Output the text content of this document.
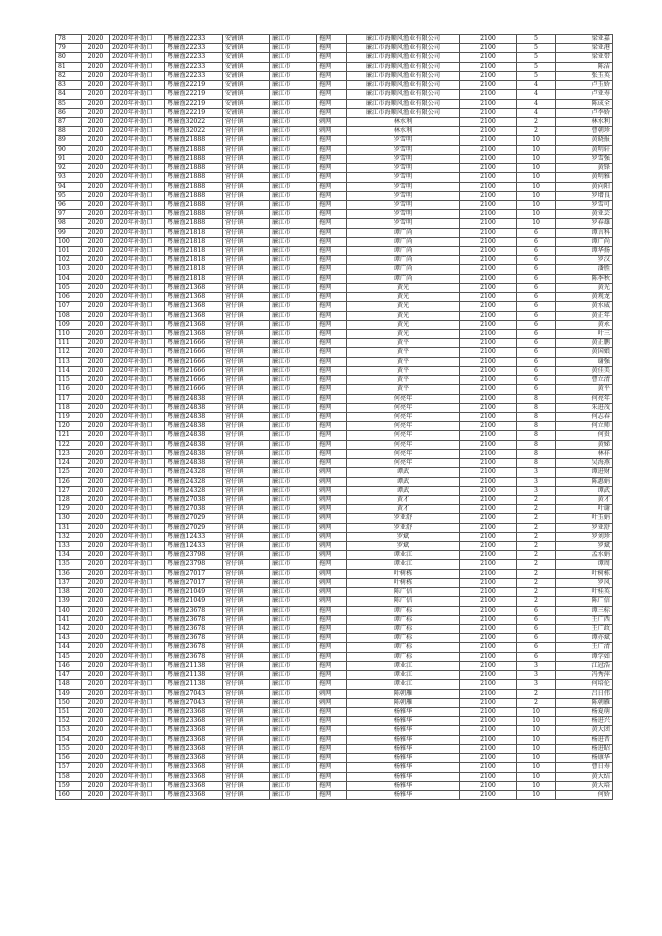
78	2020	2020年补助口	粤廉渔22233	安铺镇	廉江市	拖网	廉江市海顺风渔业有限公司	2100	5	梁亚嘉
79	2020	2020年补助口	粤廉渔22233	安铺镇	廉江市	拖网	廉江市海顺风渔业有限公司	2100	5	梁亚港
80	2020	2020年补助口	粤廉渔22233	安铺镇	廉江市	拖网	廉江市海顺风渔业有限公司	2100	5	梁亚带
81	2020	2020年补助口	粤廉渔22233	安铺镇	廉江市	拖网	廉江市海顺风渔业有限公司	2100	5	陈洁
82	2020	2020年补助口	粤廉渔22233	安铺镇	廉江市	拖网	廉江市海顺风渔业有限公司	2100	5	张玉英
83	2020	2020年补助口	粤廉渔22219	安铺镇	廉江市	拖网	廉江市海顺风渔业有限公司	2100	4	卢玉娇
84	2020	2020年补助口	粤廉渔22219	安铺镇	廉江市	拖网	廉江市海顺风渔业有限公司	2100	4	卢亚寿
85	2020	2020年补助口	粤廉渔22219	安铺镇	廉江市	拖网	廉江市海顺风渔业有限公司	2100	4	陈成全
86	2020	2020年补助口	粤廉渔22219	安铺镇	廉江市	拖网	廉江市海顺风渔业有限公司	2100	4	卢李娇
87	2020	2020年补助口	粤廉渔32022	营仔镇	廉江市	刺网	林水利	2100	2	林水利
88	2020	2020年补助口	粤廉渔32022	营仔镇	廉江市	刺网	林水利	2100	2	曹朝珍
89	2020	2020年补助口	粤廉渔21888	营仔镇	廉江市	拖网	罗雪明	2100	10	黄晓报
90	2020	2020年补助口	粤廉渔21888	营仔镇	廉江市	拖网	罗雪明	2100	10	黄明轩
91	2020	2020年补助口	粤廉渔21888	营仔镇	廉江市	拖网	罗雪明	2100	10	罗雪强
92	2020	2020年补助口	粤廉渔21888	营仔镇	廉江市	拖网	罗雪明	2100	10	黄锋
93	2020	2020年补助口	粤廉渔21888	营仔镇	廉江市	拖网	罗雪明	2100	10	黄明雅
94	2020	2020年补助口	粤廉渔21888	营仔镇	廉江市	拖网	罗雪明	2100	10	黄向阳
95	2020	2020年补助口	粤廉渔21888	营仔镇	廉江市	拖网	罗雪明	2100	10	罗增良
96	2020	2020年补助口	粤廉渔21888	营仔镇	廉江市	拖网	罗雪明	2100	10	罗雪可
97	2020	2020年补助口	粤廉渔21888	营仔镇	廉江市	拖网	罗雪明	2100	10	黄亚芸
98	2020	2020年补助口	粤廉渔21888	营仔镇	廉江市	拖网	罗雪明	2100	10	罗春雄
99	2020	2020年补助口	粤廉渔21818	营仔镇	廉江市	拖网	谭广尚	2100	6	谭言科
100	2020	2020年补助口	粤廉渔21818	营仔镇	廉江市	拖网	谭广尚	2100	6	谭广尚
101	2020	2020年补助口	粤廉渔21818	营仔镇	廉江市	拖网	谭广尚	2100	6	谭华扬
102	2020	2020年补助口	粤廉渔21818	营仔镇	廉江市	拖网	谭广尚	2100	6	罗汉
103	2020	2020年补助口	粤廉渔21818	营仔镇	廉江市	拖网	谭广尚	2100	6	潘胜
104	2020	2020年补助口	粤廉渔21818	营仔镇	廉江市	拖网	谭广尚	2100	6	陈季秋
105	2020	2020年补助口	粤廉渔21368	营仔镇	廉江市	拖网	黄光	2100	6	黄光
106	2020	2020年补助口	粤廉渔21368	营仔镇	廉江市	拖网	黄光	2100	6	黄观龙
107	2020	2020年补助口	粤廉渔21368	营仔镇	廉江市	拖网	黄光	2100	6	黄水威
108	2020	2020年补助口	粤廉渔21368	营仔镇	廉江市	拖网	黄光	2100	6	黄正年
109	2020	2020年补助口	粤廉渔21368	营仔镇	廉江市	拖网	黄光	2100	6	黄永
110	2020	2020年补助口	粤廉渔21368	营仔镇	廉江市	拖网	黄光	2100	6	叶三
111	2020	2020年补助口	粤廉渔21666	营仔镇	廉江市	拖网	黄平	2100	6	黄正鹏
112	2020	2020年补助口	粤廉渔21666	营仔镇	廉江市	拖网	黄平	2100	6	黄国娘
113	2020	2020年补助口	粤廉渔21666	营仔镇	廉江市	拖网	黄平	2100	6	谢强
114	2020	2020年补助口	粤廉渔21666	营仔镇	廉江市	拖网	黄平	2100	6	黄佳美
115	2020	2020年补助口	粤廉渔21666	营仔镇	廉江市	拖网	黄平	2100	6	曹立清
116	2020	2020年补助口	粤廉渔21666	营仔镇	廉江市	拖网	黄平	2100	6	黄平
117	2020	2020年补助口	粤廉渔24838	营仔镇	廉江市	拖网	何亮年	2100	8	何亮年
118	2020	2020年补助口	粤廉渔24838	营仔镇	廉江市	拖网	何亮年	2100	8	朱进茂
119	2020	2020年补助口	粤廉渔24838	营仔镇	廉江市	拖网	何亮年	2100	8	何志春
120	2020	2020年补助口	粤廉渔24838	营仔镇	廉江市	拖网	何亮年	2100	8	何立师
121	2020	2020年补助口	粤廉渔24838	营仔镇	廉江市	拖网	何亮年	2100	8	何贵
122	2020	2020年补助口	粤廉渔24838	营仔镇	廉江市	拖网	何亮年	2100	8	黄娣
123	2020	2020年补助口	粤廉渔24838	营仔镇	廉江市	拖网	何亮年	2100	8	林祥
124	2020	2020年补助口	粤廉渔24838	营仔镇	廉江市	拖网	何亮年	2100	8	吴海燕
125	2020	2020年补助口	粤廉渔24328	营仔镇	廉江市	刺网	谭武	2100	3	谭进财
126	2020	2020年补助口	粤廉渔24328	营仔镇	廉江市	刺网	谭武	2100	3	陈惠娟
127	2020	2020年补助口	粤廉渔24328	营仔镇	廉江市	刺网	谭武	2100	3	谭武
128	2020	2020年补助口	粤廉渔27038	营仔镇	廉江市	刺网	黄才	2100	2	黄才
129	2020	2020年补助口	粤廉渔27038	营仔镇	廉江市	刺网	黄才	2100	2	叶谢
130	2020	2020年补助口	粤廉渔27029	营仔镇	廉江市	刺网	罗亚舒	2100	2	叶玉娟
131	2020	2020年补助口	粤廉渔27029	营仔镇	廉江市	刺网	罗亚舒	2100	2	罗亚舒
132	2020	2020年补助口	粤廉渔12433	营仔镇	廉江市	刺网	罗斌	2100	2	罗刘珍
133	2020	2020年补助口	粤廉渔12433	营仔镇	廉江市	刺网	罗斌	2100	2	罗斌
134	2020	2020年补助口	粤廉渔23798	营仔镇	廉江市	刺网	谭业江	2100	2	孟水娟
135	2020	2020年补助口	粤廉渔23798	营仔镇	廉江市	拖网	谭业江	2100	2	谭周
136	2020	2020年补助口	粤廉渔27017	营仔镇	廉江市	刺网	叶树栋	2100	2	叶树栋
137	2020	2020年补助口	粤廉渔27017	营仔镇	廉江市	刺网	叶树栋	2100	2	罗风
138	2020	2020年补助口	粤廉渔21049	营仔镇	廉江市	刺网	陈广信	2100	2	叶桂英
139	2020	2020年补助口	粤廉渔21049	营仔镇	廉江市	刺网	陈广信	2100	2	陈广信
140	2020	2020年补助口	粤廉渔23678	营仔镇	廉江市	拖网	谭广标	2100	6	谭三标
141	2020	2020年补助口	粤廉渔23678	营仔镇	廉江市	拖网	谭广标	2100	6	王广西
142	2020	2020年补助口	粤廉渔23678	营仔镇	廉江市	拖网	谭广标	2100	6	王广政
143	2020	2020年补助口	粤廉渔23678	营仔镇	廉江市	拖网	谭广标	2100	6	谭亦斌
144	2020	2020年补助口	粤廉渔23678	营仔镇	廉江市	拖网	谭广标	2100	6	王广清
145	2020	2020年补助口	粤廉渔23678	营仔镇	廉江市	拖网	谭广标	2100	6	谭学如
146	2020	2020年补助口	粤廉渔21138	营仔镇	廉江市	拖网	谭业江	2100	3	江冠浩
147	2020	2020年补助口	粤廉渔21138	营仔镇	廉江市	拖网	谭业江	2100	3	冯秀萍
148	2020	2020年补助口	粤廉渔21138	营仔镇	廉江市	拖网	谭业江	2100	3	何培伦
149	2020	2020年补助口	粤廉渔27043	营仔镇	廉江市	刺网	陈朝雁	2100	2	吕日伟
150	2020	2020年补助口	粤廉渔27043	营仔镇	廉江市	刺网	陈朝雁	2100	2	陈朝雁
151	2020	2020年补助口	粤廉渔23368	营仔镇	廉江市	拖网	杨雅华	2100	10	杨夏萌
152	2020	2020年补助口	粤廉渔23368	营仔镇	廉江市	拖网	杨雅华	2100	10	杨进兴
153	2020	2020年补助口	粤廉渔23368	营仔镇	廉江市	拖网	杨雅华	2100	10	黄大团
154	2020	2020年补助口	粤廉渔23368	营仔镇	廉江市	拖网	杨雅华	2100	10	杨进晋
155	2020	2020年补助口	粤廉渔23368	营仔镇	廉江市	拖网	杨雅华	2100	10	杨进昭
156	2020	2020年补助口	粤廉渔23368	营仔镇	廉江市	拖网	杨雅华	2100	10	杨康华
157	2020	2020年补助口	粤廉渔23368	营仔镇	廉江市	拖网	杨雅华	2100	10	曹日寿
158	2020	2020年补助口	粤廉渔23368	营仔镇	廉江市	拖网	杨雅华	2100	10	黄大结
159	2020	2020年补助口	粤廉渔23368	营仔镇	廉江市	拖网	杨雅华	2100	10	黄大培
160	2020	2020年补助口	粤廉渔23368	营仔镇	廉江市	拖网	杨雅华	2100	10	何娇
